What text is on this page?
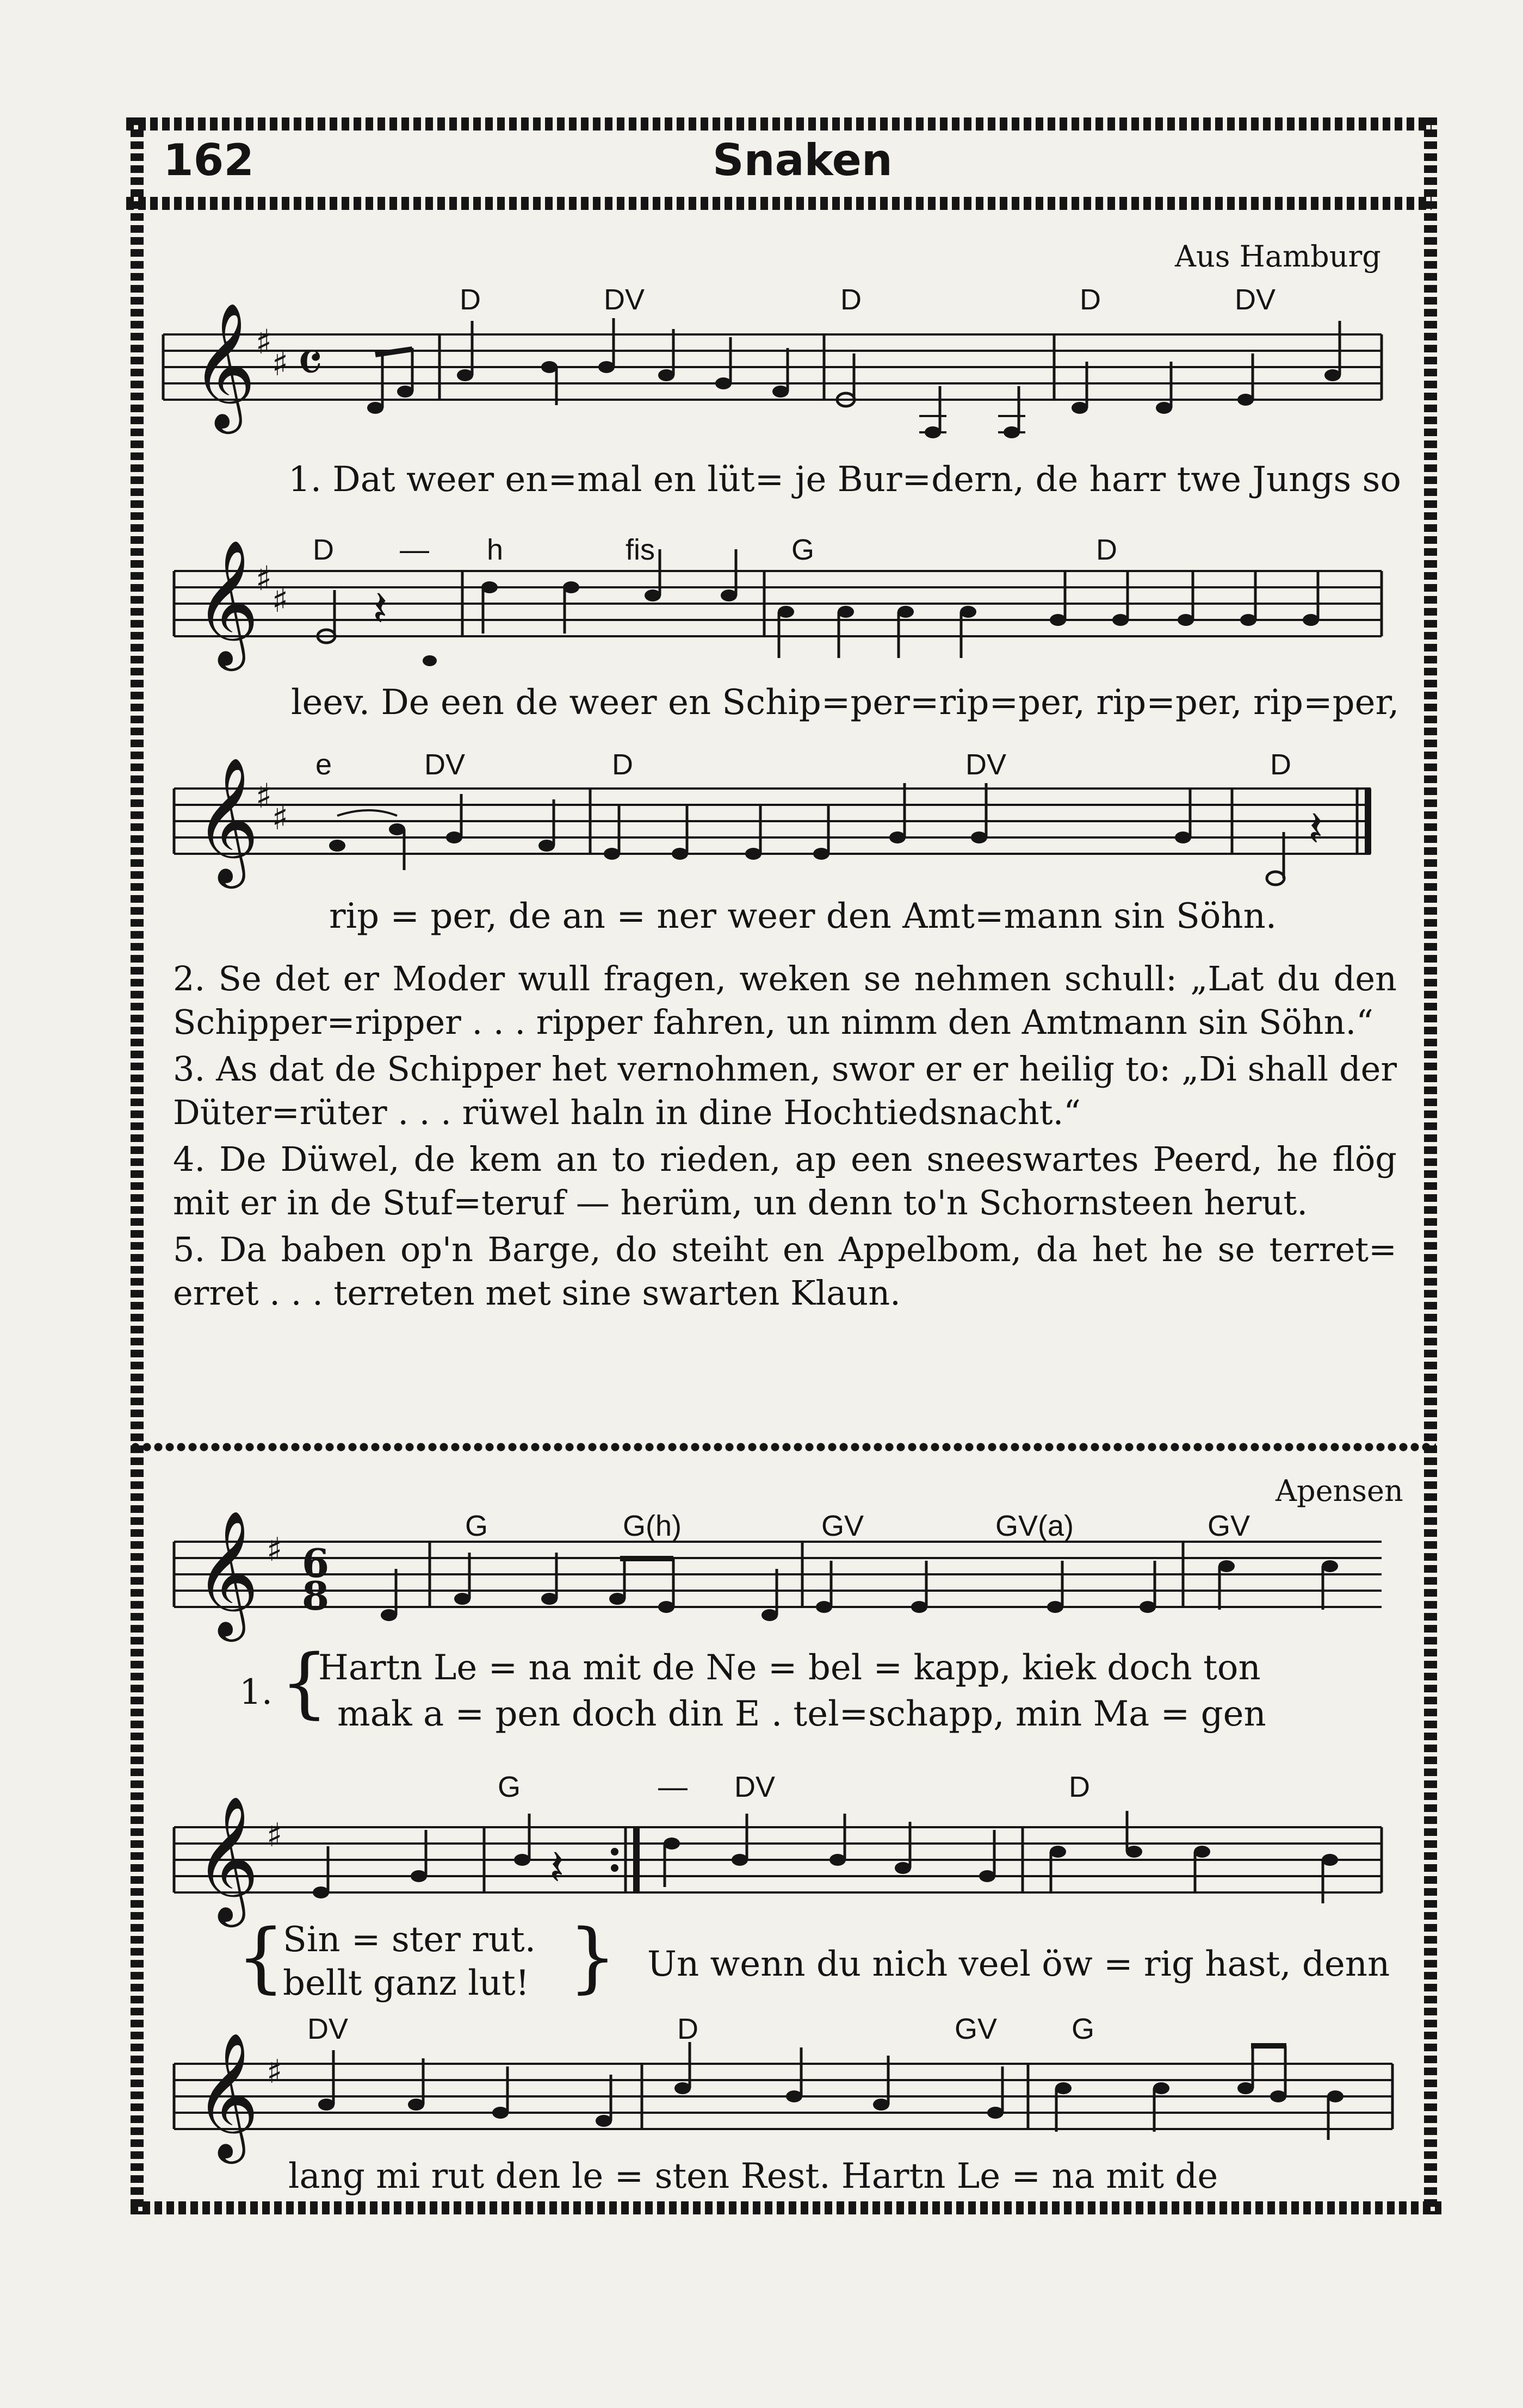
162	Snaken
Aus Hamburg
D	DV	D	D	DV
D — h	fis	G	D
e	DV	D	DV	D
𝄞 ♯
♯ 𝄴
𝄞
♯
♯ 𝄽
𝄞
♯
♯	𝄽
𝄞 ♯ 6
8
𝄞 ♯
𝄽
𝄞 ♯
1. Dat weer en=mal en lüt= je Bur=dern, de harr twe Jungs so
leev. De een de weer en Schip=per=rip=per, rip=per, rip=per,
rip = per, de an = ner weer den Amt=mann sin Söhn.

2. Se det er Moder wull fragen, weken se nehmen schull: „Lat du den Schipper=ripper . . . ripper fahren, un nimm den Amtmann sin Söhn.“

3. As dat de Schipper het vernohmen, swor er er heilig to: „Di shall der Düter=rüter . . . rüwel haln in dine Hochtiedsnacht.“

4. De Düwel, de kem an to rieden, ap een sneeswartes Peerd, he flög mit er in de Stuf=teruf — herüm, un denn to'n Schornsteen herut.

5. Da baben op'n Barge, do steiht en Appelbom, da het he se terret= erret . . . terreten met sine swarten Klaun.

Apensen
G	G(h)	GV	GV(a)	GV
G	— DV	D
DV	D	GV	G
1. {
Hartn Le = na mit de Ne = bel = kapp, kiek doch ton
mak a = pen doch din E . tel=schapp, min Ma = gen
{
Sin = ster rut.
bellt ganz lut! } Un wenn du nich veel öw = rig hast, denn
lang mi rut den le = sten Rest. Hartn Le = na mit de
